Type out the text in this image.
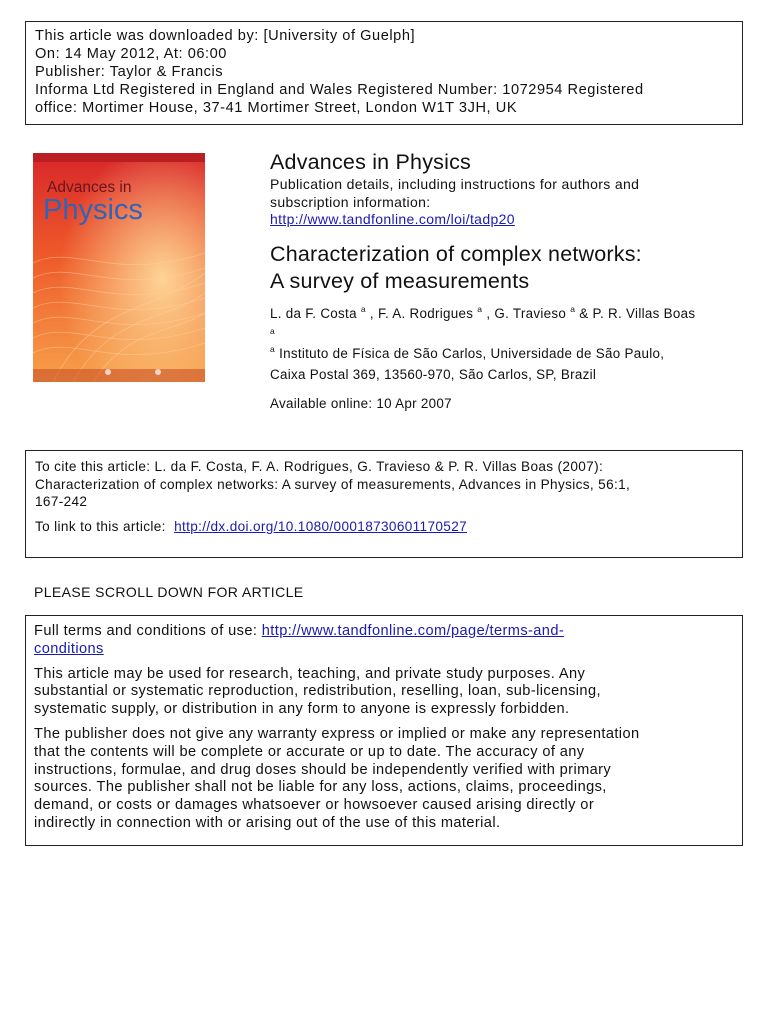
This article was downloaded by: [University of Guelph]
On: 14 May 2012, At: 06:00
Publisher: Taylor & Francis
Informa Ltd Registered in England and Wales Registered Number: 1072954 Registered
office: Mortimer House, 37-41 Mortimer Street, London W1T 3JH, UK
Advances in
Physics
Advances in Physics
Publication details, including instructions for authors and
subscription information:
http://www.tandfonline.com/loi/tadp20
Characterization of complex networks:
A survey of measurements
L. da F. Costa $^a$ , F. A. Rodrigues $^a$ , G. Travieso $^a$ & P. R. Villas Boas
a
$^a$ Instituto de Física de São Carlos, Universidade de São Paulo,
Caixa Postal 369, 13560-970, São Carlos, SP, Brazil
Available online: 10 Apr 2007
To cite this article: L. da F. Costa, F. A. Rodrigues, G. Travieso & P. R. Villas Boas (2007):
Characterization of complex networks: A survey of measurements, Advances in Physics, 56:1,
167-242
To link to this article: http://dx.doi.org/10.1080/00018730601170527
PLEASE SCROLL DOWN FOR ARTICLE
Full terms and conditions of use: http://www.tandfonline.com/page/terms-and-
conditions
This article may be used for research, teaching, and private study purposes. Any
substantial or systematic reproduction, redistribution, reselling, loan, sub-licensing,
systematic supply, or distribution in any form to anyone is expressly forbidden.
The publisher does not give any warranty express or implied or make any representation
that the contents will be complete or accurate or up to date. The accuracy of any
instructions, formulae, and drug doses should be independently verified with primary
sources. The publisher shall not be liable for any loss, actions, claims, proceedings,
demand, or costs or damages whatsoever or howsoever caused arising directly or
indirectly in connection with or arising out of the use of this material.
